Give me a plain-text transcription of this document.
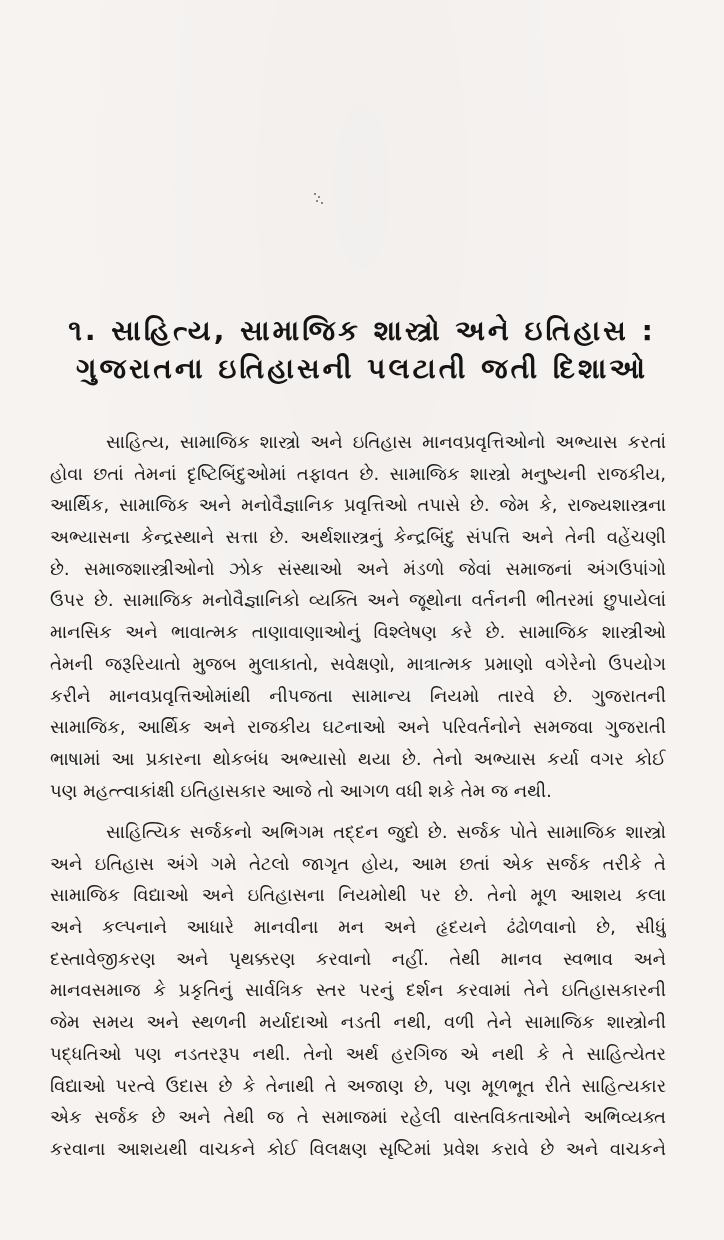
૧. સાહિત્ય, સામાજિક શાસ્ત્રો અને ઇતિહાસ :
ગુજરાતના ઇતિહાસની પલટાતી જતી દિશાઓ
સાહિત્ય, સામાજિક શાસ્ત્રો અને ઇતિહાસ માનવપ્રવૃત્તિઓનો અભ્યાસ કરતાં
હોવા છતાં તેમનાં દૃષ્ટિબિંદુઓમાં તફાવત છે. સામાજિક શાસ્ત્રો મનુષ્યની રાજકીય,
આર્થિક, સામાજિક અને મનોવૈજ્ઞાનિક પ્રવૃત્તિઓ તપાસે છે. જેમ કે, રાજ્યશાસ્ત્રના
અભ્યાસના કેન્દ્રસ્થાને સત્તા છે. અર્થશાસ્ત્રનું કેન્દ્રબિંદુ સંપત્તિ અને તેની વહેંચણી
છે. સમાજશાસ્ત્રીઓનો ઝોક સંસ્થાઓ અને મંડળો જેવાં સમાજનાં અંગઉપાંગો
ઉપર છે. સામાજિક મનોવૈજ્ઞાનિકો વ્યક્તિ અને જૂથોના વર્તનની ભીતરમાં છુપાયેલાં
માનસિક અને ભાવાત્મક તાણાવાણાઓનું વિશ્લેષણ કરે છે. સામાજિક શાસ્ત્રીઓ
તેમની જરૂરિયાતો મુજબ મુલાકાતો, સવેક્ષણો, માત્રાત્મક પ્રમાણો વગેરેનો ઉપયોગ
કરીને માનવપ્રવૃત્તિઓમાંથી નીપજતા સામાન્ય નિયમો તારવે છે. ગુજરાતની
સામાજિક, આર્થિક અને રાજકીય ઘટનાઓ અને પરિવર્તનોને સમજવા ગુજરાતી
ભાષામાં આ પ્રકારના થોકબંધ અભ્યાસો થયા છે. તેનો અભ્યાસ કર્યા વગર કોઈ
પણ મહત્ત્વાકાંક્ષી ઇતિહાસકાર આજે તો આગળ વધી શકે તેમ જ નથી.
સાહિત્યિક સર્જકનો અભિગમ તદ્દન જુદો છે. સર્જક પોતે સામાજિક શાસ્ત્રો
અને ઇતિહાસ અંગે ગમે તેટલો જાગૃત હોય, આમ છતાં એક સર્જક તરીકે તે
સામાજિક વિદ્યાઓ અને ઇતિહાસના નિયમોથી પર છે. તેનો મૂળ આશય કલા
અને કલ્પનાને આધારે માનવીના મન અને હૃદયને ઢંઢોળવાનો છે, સીધું
દસ્તાવેજીકરણ અને પૃથક્કરણ કરવાનો નહીં. તેથી માનવ સ્વભાવ અને
માનવસમાજ કે પ્રકૃતિનું સાર્વત્રિક સ્તર પરનું દર્શન કરવામાં તેને ઇતિહાસકારની
જેમ સમય અને સ્થળની મર્યાદાઓ નડતી નથી, વળી તેને સામાજિક શાસ્ત્રોની
પદ્ધતિઓ પણ નડતરરૂપ નથી. તેનો અર્થ હરગિજ એ નથી કે તે સાહિત્યેતર
વિદ્યાઓ પરત્વે ઉદાસ છે કે તેનાથી તે અજાણ છે, પણ મૂળભૂત રીતે સાહિત્યકાર
એક સર્જક છે અને તેથી જ તે સમાજમાં રહેલી વાસ્તવિકતાઓને અભિવ્યક્ત
કરવાના આશયથી વાચકને કોઈ વિલક્ષણ સૃષ્ટિમાં પ્રવેશ કરાવે છે અને વાચકને
